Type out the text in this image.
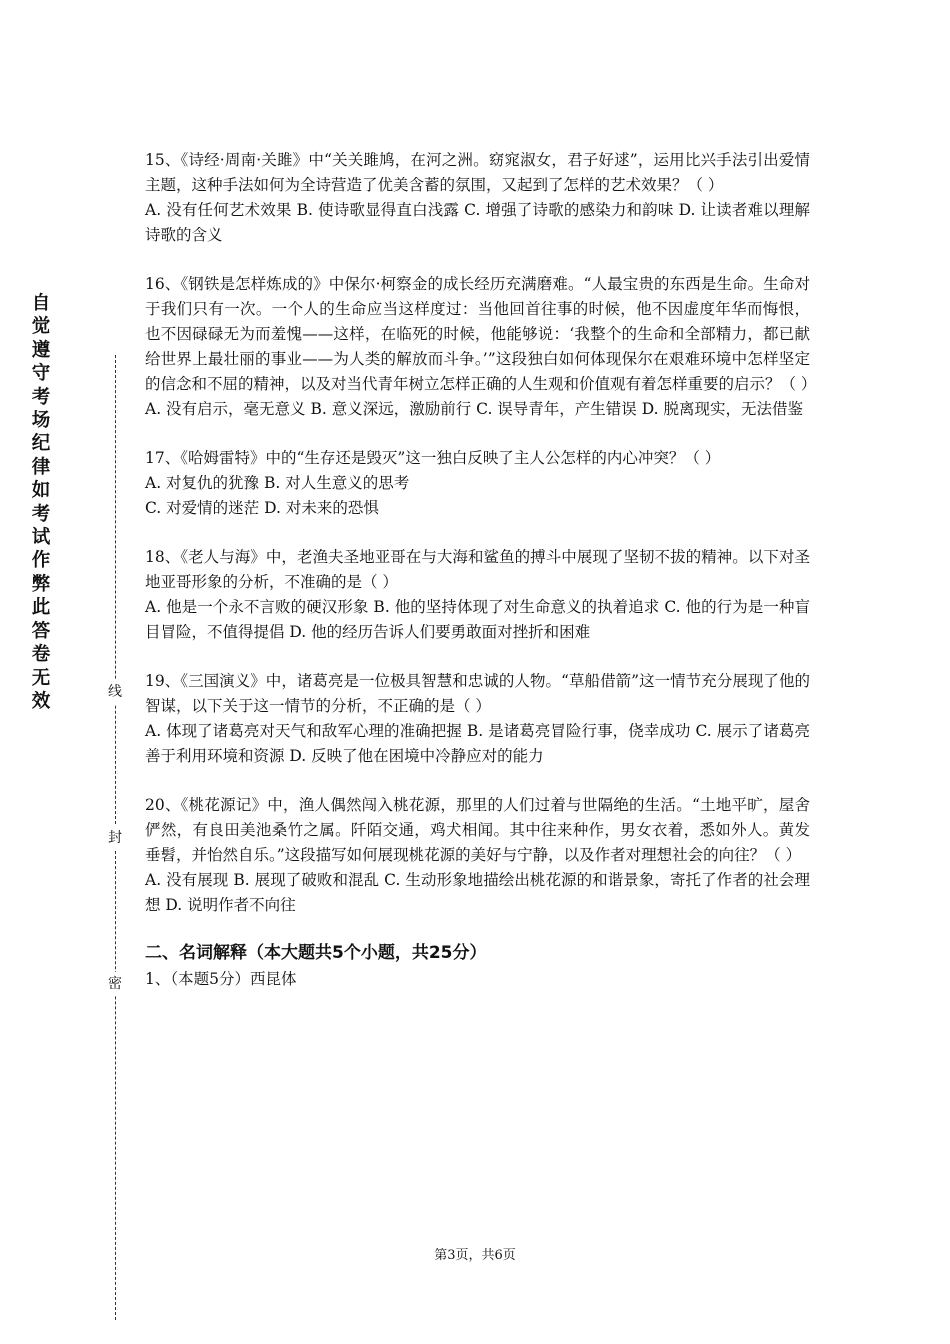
自觉遵守考场纪律如考试作弊此答卷无效	线
封
密

15、《诗经·周南·关雎》中“关关雎鸠，在河之洲。窈窕淑女，君子好逑”，运用比兴手法引出爱情主题，这种手法如何为全诗营造了优美含蓄的氛围，又起到了怎样的艺术效果？（ ）

A. 没有任何艺术效果 B. 使诗歌显得直白浅露 C. 增强了诗歌的感染力和韵味 D. 让读者难以理解诗歌的含义

16、《钢铁是怎样炼成的》中保尔·柯察金的成长经历充满磨难。“人最宝贵的东西是生命。生命对于我们只有一次。一个人的生命应当这样度过：当他回首往事的时候，他不因虚度年华而悔恨，也不因碌碌无为而羞愧——这样，在临死的时候，他能够说：‘我整个的生命和全部精力，都已献给世界上最壮丽的事业——为人类的解放而斗争。’”这段独白如何体现保尔在艰难环境中怎样坚定的信念和不屈的精神，以及对当代青年树立怎样正确的人生观和价值观有着怎样重要的启示？（ ）

A. 没有启示，毫无意义 B. 意义深远，激励前行 C. 误导青年，产生错误 D. 脱离现实，无法借鉴

17、《哈姆雷特》中的“生存还是毁灭”这一独白反映了主人公怎样的内心冲突？（ ）

A. 对复仇的犹豫 B. 对人生意义的思考

C. 对爱情的迷茫 D. 对未来的恐惧

18、《老人与海》中，老渔夫圣地亚哥在与大海和鲨鱼的搏斗中展现了坚韧不拔的精神。以下对圣地亚哥形象的分析，不准确的是（ ）

A. 他是一个永不言败的硬汉形象 B. 他的坚持体现了对生命意义的执着追求 C. 他的行为是一种盲目冒险，不值得提倡 D. 他的经历告诉人们要勇敢面对挫折和困难

19、《三国演义》中，诸葛亮是一位极具智慧和忠诚的人物。“草船借箭”这一情节充分展现了他的智谋，以下关于这一情节的分析，不正确的是（ ）

A. 体现了诸葛亮对天气和敌军心理的准确把握 B. 是诸葛亮冒险行事，侥幸成功 C. 展示了诸葛亮善于利用环境和资源 D. 反映了他在困境中冷静应对的能力

20、《桃花源记》中，渔人偶然闯入桃花源，那里的人们过着与世隔绝的生活。“土地平旷，屋舍俨然，有良田美池桑竹之属。阡陌交通，鸡犬相闻。其中往来种作，男女衣着，悉如外人。黄发垂髫，并怡然自乐。”这段描写如何展现桃花源的美好与宁静，以及作者对理想社会的向往？（ ）

A. 没有展现 B. 展现了破败和混乱 C. 生动形象地描绘出桃花源的和谐景象，寄托了作者的社会理想 D. 说明作者不向往

二、名词解释（本大题共5个小题，共25分）

1、（本题5分）西昆体

第3页，共6页
